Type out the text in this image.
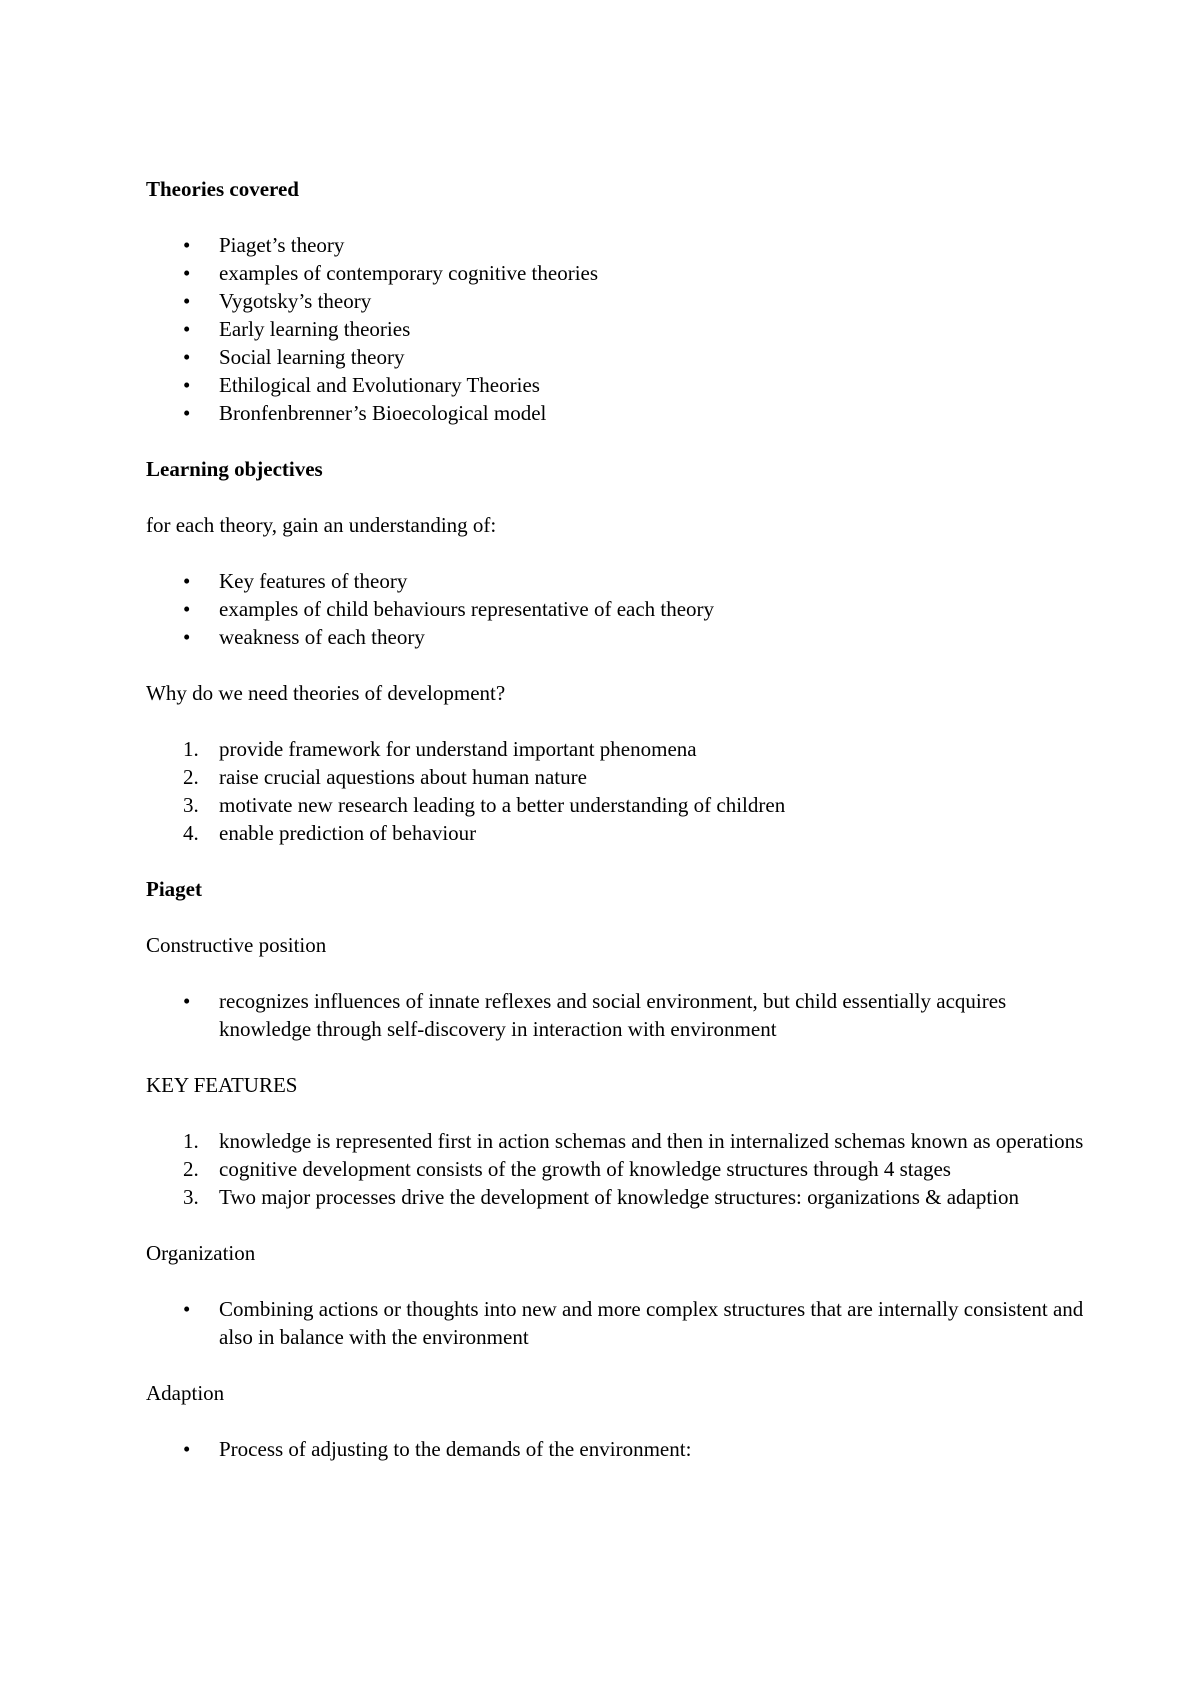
Theories covered
• Piaget’s theory
• examples of contemporary cognitive theories
• Vygotsky’s theory
• Early learning theories
• Social learning theory
• Ethilogical and Evolutionary Theories
• Bronfenbrenner’s Bioecological model
Learning objectives
for each theory, gain an understanding of:
• Key features of theory
• examples of child behaviours representative of each theory
• weakness of each theory
Why do we need theories of development?
1. provide framework for understand important phenomena
2. raise crucial aquestions about human nature
3. motivate new research leading to a better understanding of children
4. enable prediction of behaviour
Piaget
Constructive position
• recognizes influences of innate reflexes and social environment, but child essentially acquires knowledge through self-discovery in interaction with environment
KEY FEATURES
1. knowledge is represented first in action schemas and then in internalized schemas known as operations
2. cognitive development consists of the growth of knowledge structures through 4 stages
3. Two major processes drive the development of knowledge structures: organizations & adaption
Organization
• Combining actions or thoughts into new and more complex structures that are internally consistent and also in balance with the environment
Adaption
• Process of adjusting to the demands of the environment:
